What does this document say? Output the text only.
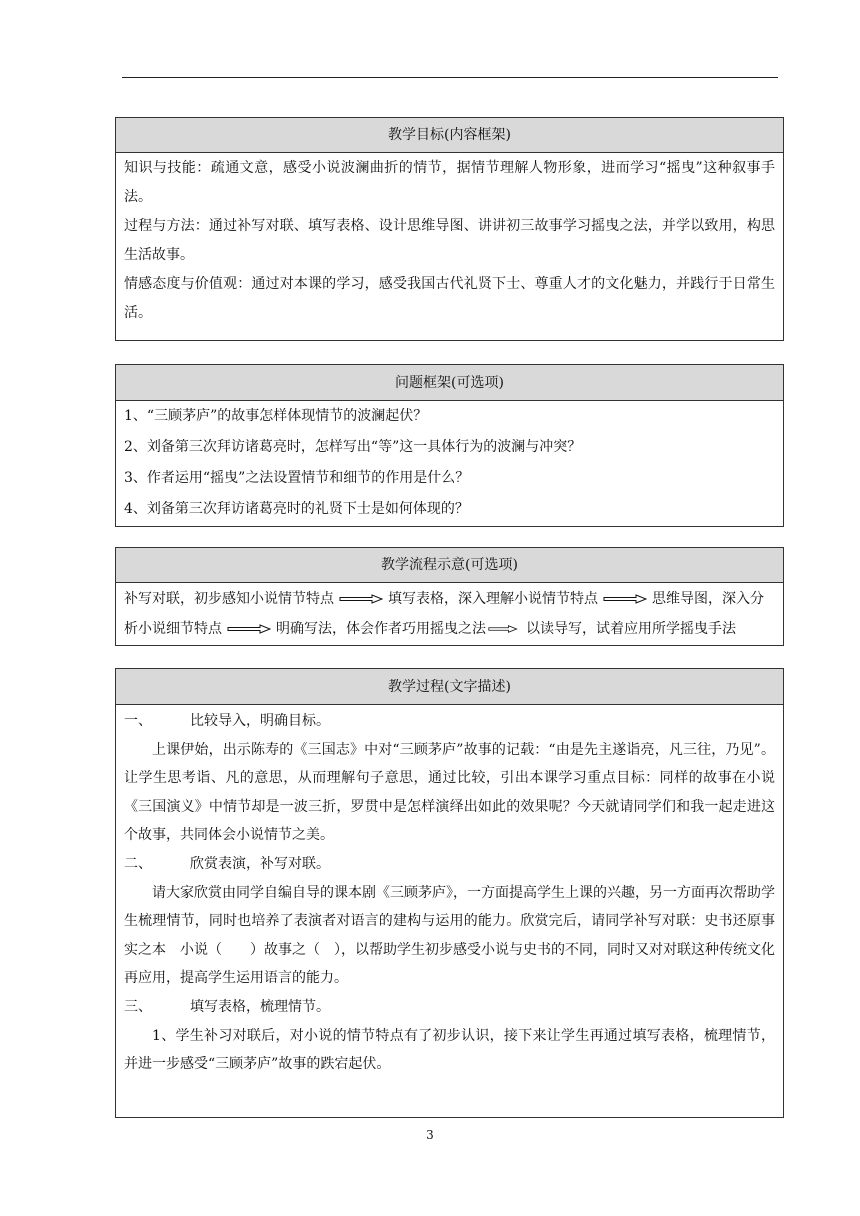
教学目标(内容框架)

知识与技能：疏通文意，感受小说波澜曲折的情节，据情节理解人物形象，进而学习“摇曳”这种叙事手法。

过程与方法：通过补写对联、填写表格、设计思维导图、讲讲初三故事学习摇曳之法，并学以致用，构思生活故事。

情感态度与价值观：通过对本课的学习，感受我国古代礼贤下士、尊重人才的文化魅力，并践行于日常生活。

问题框架(可选项)

1、“三顾茅庐”的故事怎样体现情节的波澜起伏？

2、刘备第三次拜访诸葛亮时，怎样写出“等”这一具体行为的波澜与冲突？

3、作者运用“摇曳”之法设置情节和细节的作用是什么？

4、刘备第三次拜访诸葛亮时的礼贤下士是如何体现的？

教学流程示意(可选项)
补写对联，初步感知小说情节特点	填写表格，深入理解小说情节特点	思维导图，深入分析小说细节特点	明确写法，体会作者巧用摇曳之法	以读导写，试着应用所学摇曳手法
教学过程(文字描述)

一、	比较导入，明确目标。

上课伊始，出示陈寿的《三国志》中对“三顾茅庐”故事的记载：“由是先主遂诣亮，凡三往，乃见”。让学生思考诣、凡的意思，从而理解句子意思，通过比较，引出本课学习重点目标：同样的故事在小说《三国演义》中情节却是一波三折，罗贯中是怎样演绎出如此的效果呢？今天就请同学们和我一起走进这个故事，共同体会小说情节之美。

二、	欣赏表演，补写对联。

请大家欣赏由同学自编自导的课本剧《三顾茅庐》，一方面提高学生上课的兴趣，另一方面再次帮助学生梳理情节，同时也培养了表演者对语言的建构与运用的能力。欣赏完后，请同学补写对联：史书还原事实之本　小说（　　）故事之（　），以帮助学生初步感受小说与史书的不同，同时又对对联这种传统文化再应用，提高学生运用语言的能力。

三、	填写表格，梳理情节。

1、学生补习对联后，对小说的情节特点有了初步认识，接下来让学生再通过填写表格，梳理情节，并进一步感受“三顾茅庐”故事的跌宕起伏。

3
